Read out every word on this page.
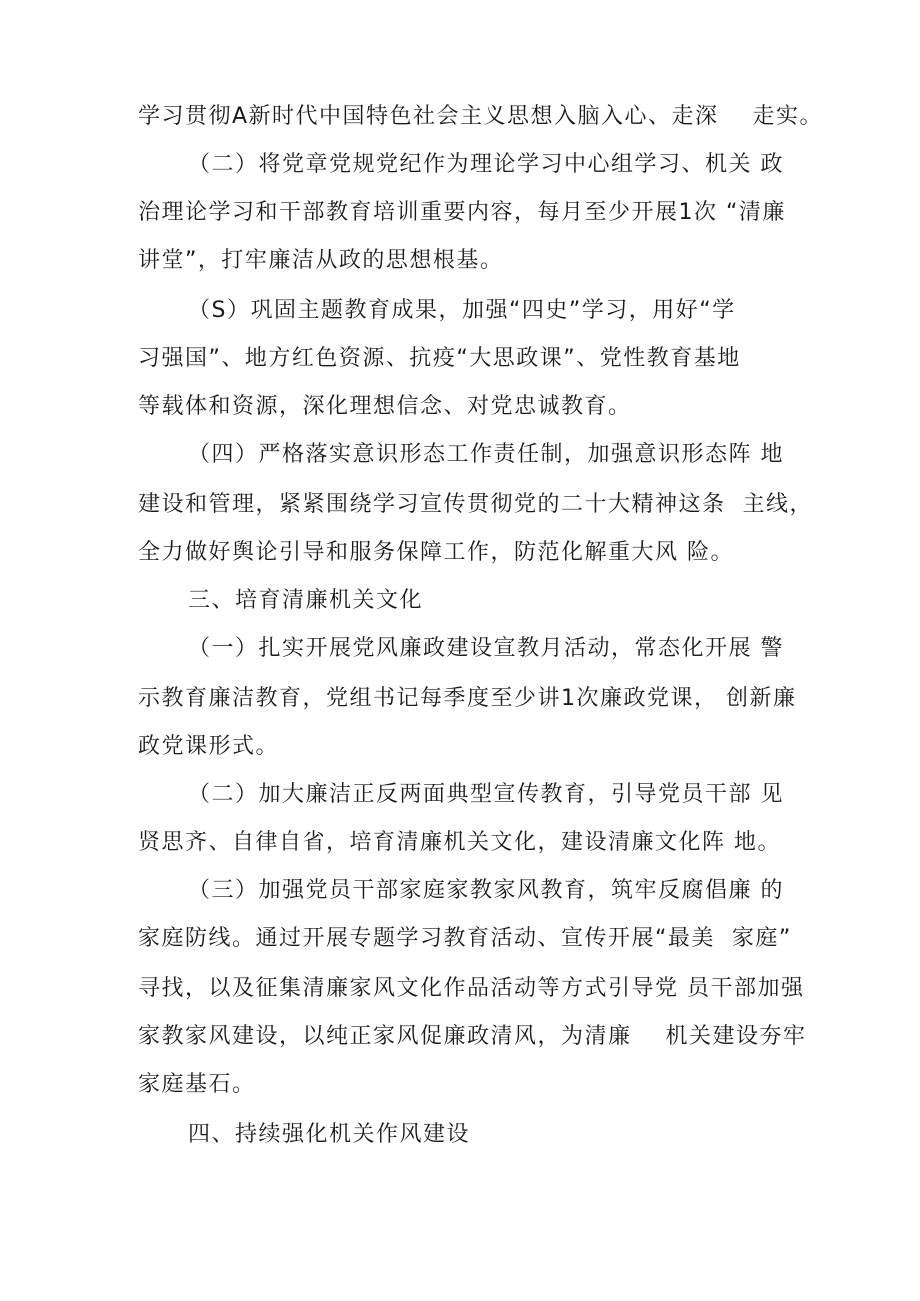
学习贯彻A新时代中国特色社会主义思想入脑入心、走深    走实。
（二）将党章党规党纪作为理论学习中心组学习、机关 政
治理论学习和干部教育培训重要内容，每月至少开展1次 “清廉
讲堂”，打牢廉洁从政的思想根基。
（S）巩固主题教育成果，加强“四史”学习，用好“学
习强国”、地方红色资源、抗疫“大思政课”、党性教育基地
等载体和资源，深化理想信念、对党忠诚教育。
（四）严格落实意识形态工作责任制，加强意识形态阵 地
建设和管理，紧紧围绕学习宣传贯彻党的二十大精神这条  主线，
全力做好舆论引导和服务保障工作，防范化解重大风 险。
三、培育清廉机关文化
（一）扎实开展党风廉政建设宣教月活动，常态化开展 警
示教育廉洁教育，党组书记每季度至少讲1次廉政党课， 创新廉
政党课形式。
（二）加大廉洁正反两面典型宣传教育，引导党员干部 见
贤思齐、自律自省，培育清廉机关文化，建设清廉文化阵 地。
（三）加强党员干部家庭家教家风教育，筑牢反腐倡廉 的
家庭防线。通过开展专题学习教育活动、宣传开展“最美  家庭”
寻找，以及征集清廉家风文化作品活动等方式引导党 员干部加强
家教家风建设，以纯正家风促廉政清风，为清廉    机关建设夯牢
家庭基石。
四、持续强化机关作风建设
